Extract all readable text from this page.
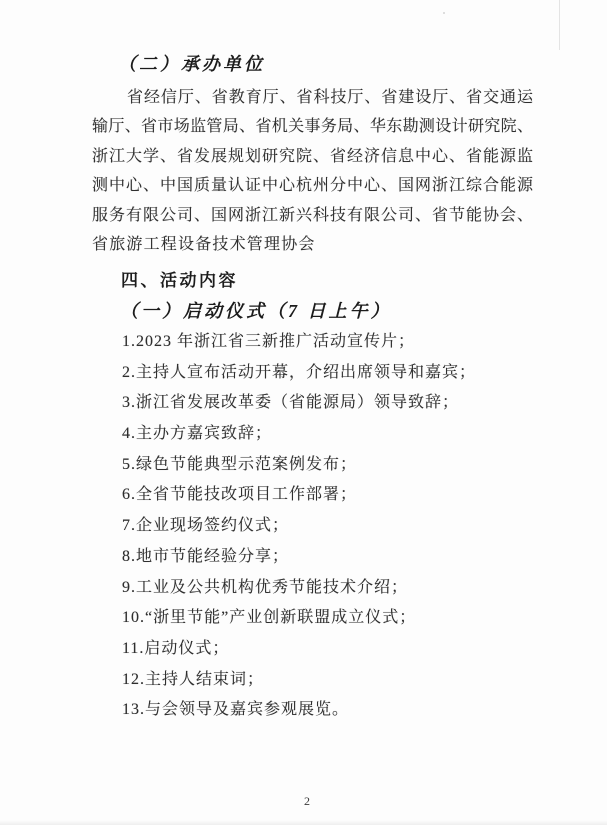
（二）承办单位
省经信厅、省教育厅、省科技厅、省建设厅、省交通运
输厅、省市场监管局、省机关事务局、华东勘测设计研究院、
浙江大学、省发展规划研究院、省经济信息中心、省能源监
测中心、中国质量认证中心杭州分中心、国网浙江综合能源
服务有限公司、国网浙江新兴科技有限公司、省节能协会、
省旅游工程设备技术管理协会
四、活动内容
（一）启动仪式（7 日上午）
1.2023 年浙江省三新推广活动宣传片；
2.主持人宣布活动开幕，介绍出席领导和嘉宾；
3.浙江省发展改革委（省能源局）领导致辞；
4.主办方嘉宾致辞；
5.绿色节能典型示范案例发布；
6.全省节能技改项目工作部署；
7.企业现场签约仪式；
8.地市节能经验分享；
9.工业及公共机构优秀节能技术介绍；
10.“浙里节能”产业创新联盟成立仪式；
11.启动仪式；
12.主持人结束词；
13.与会领导及嘉宾参观展览。
2
